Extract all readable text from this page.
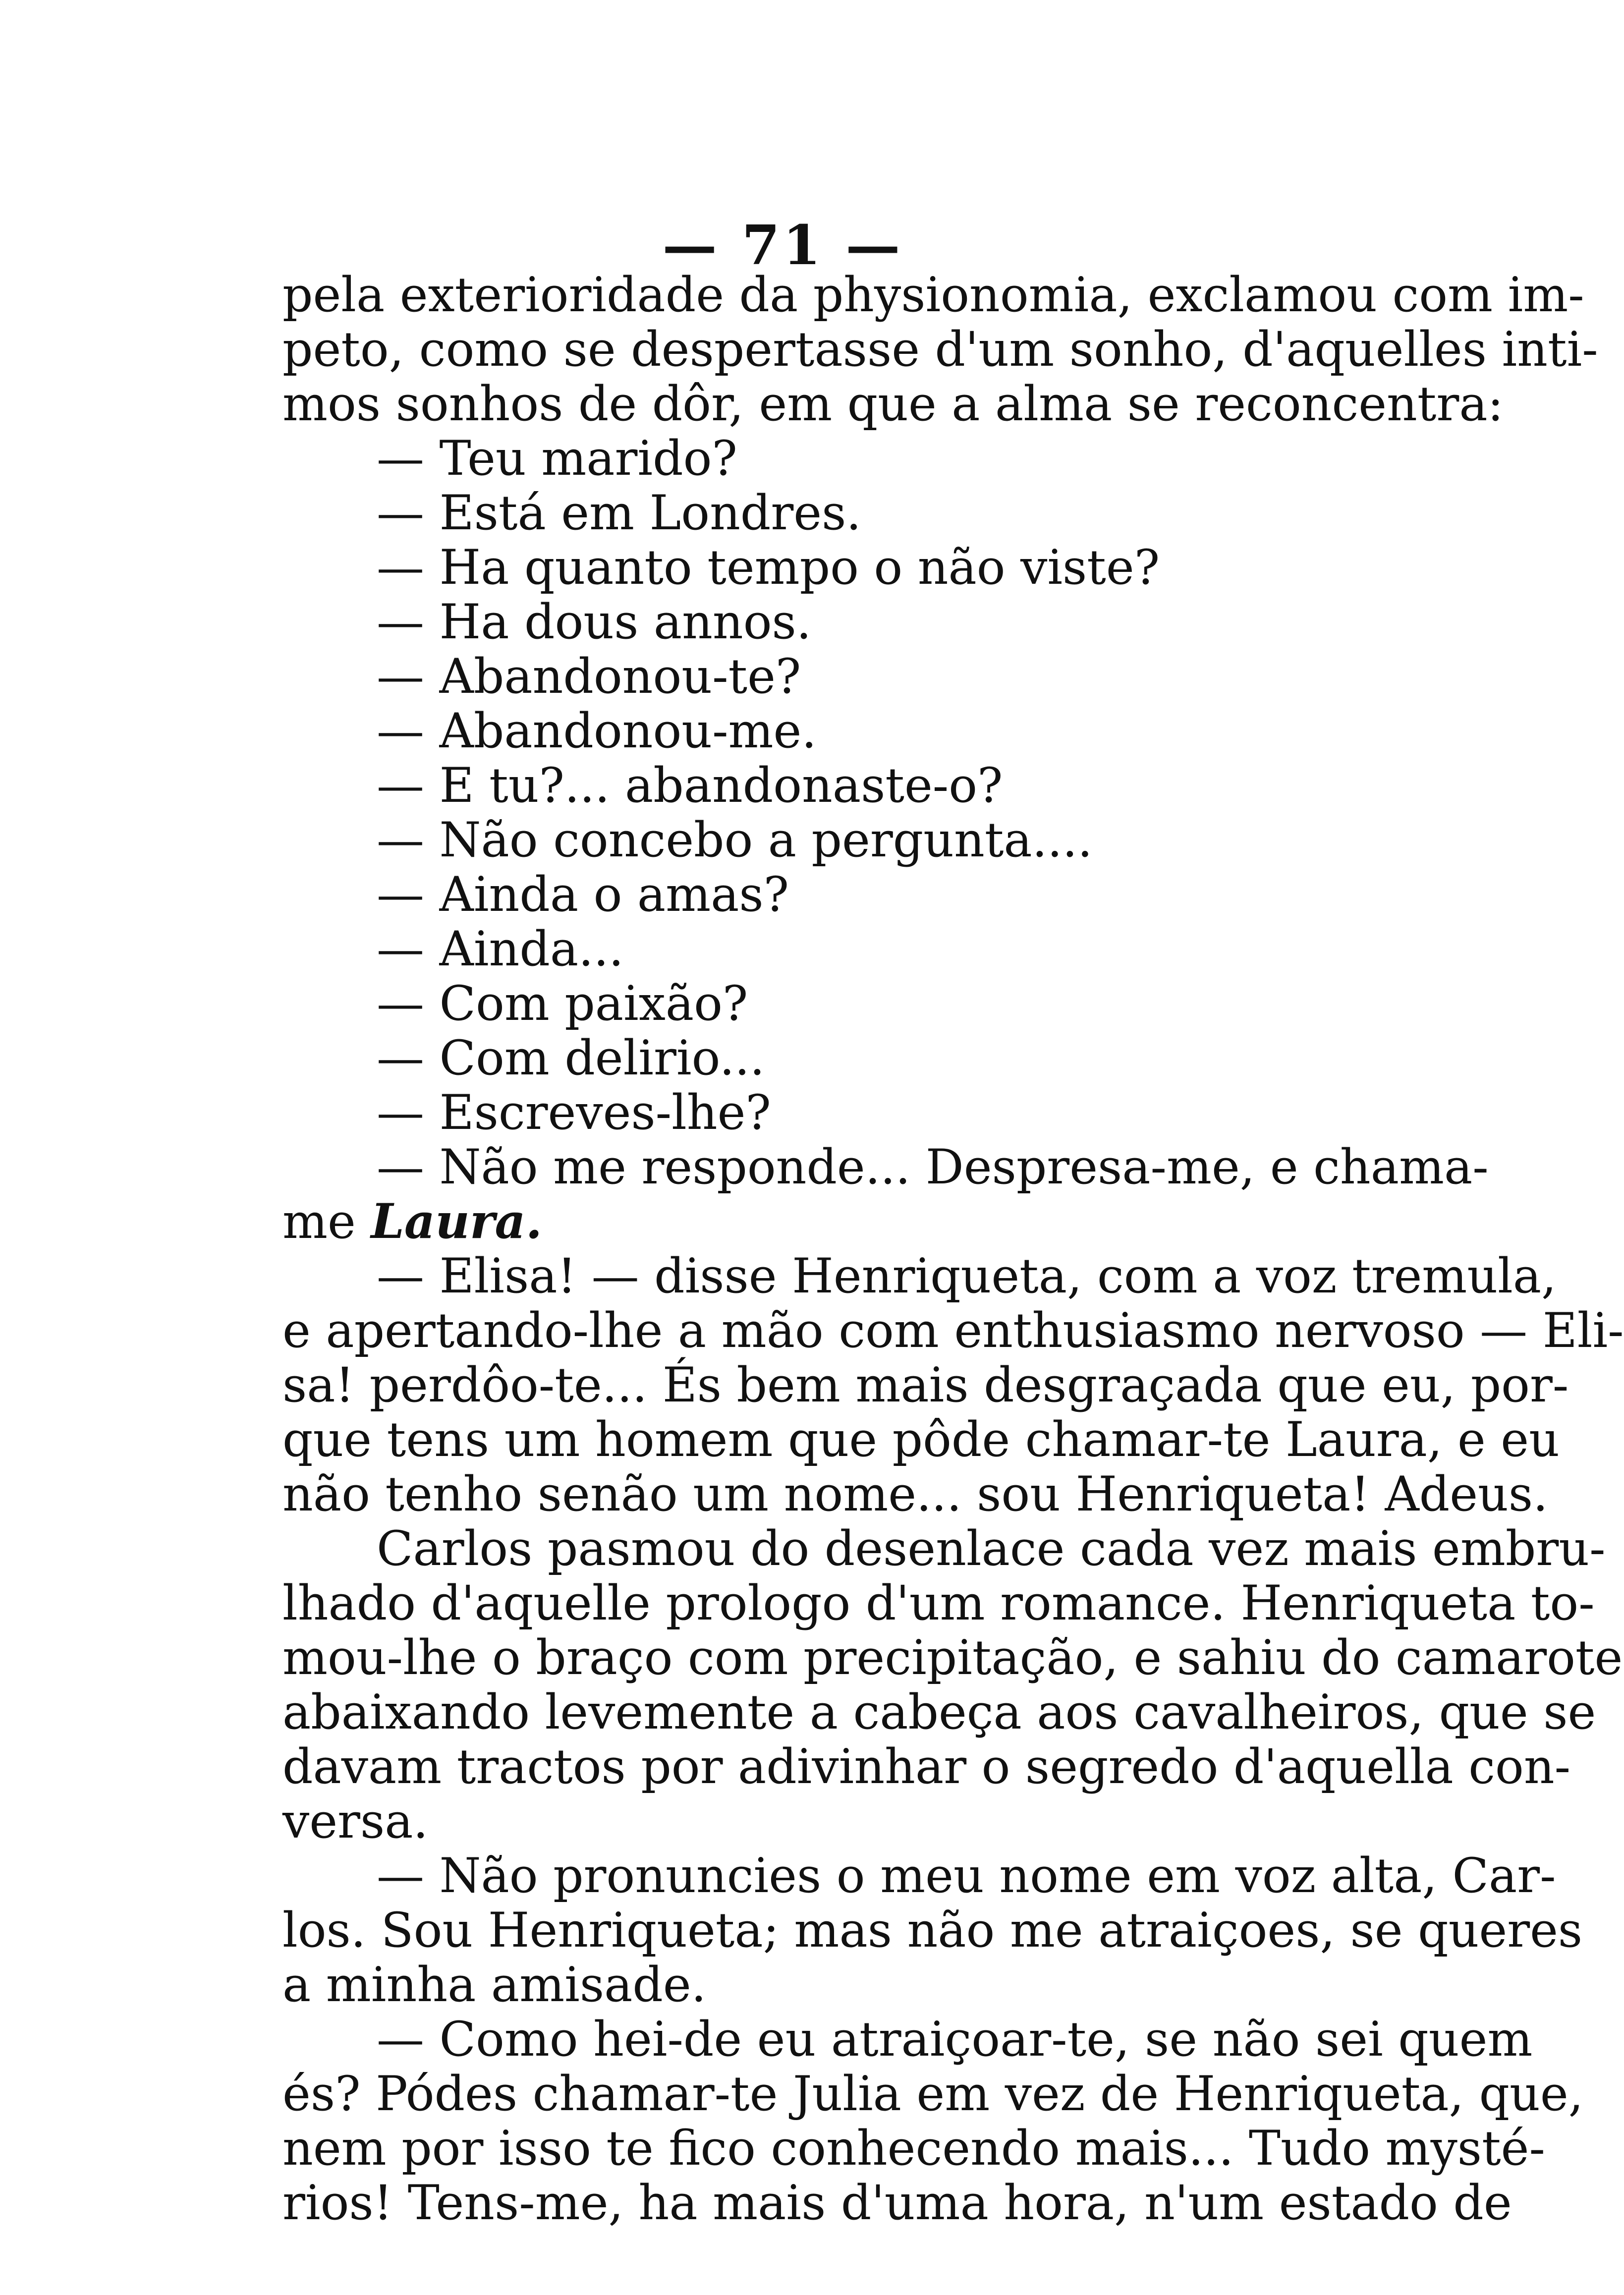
— 71 —
pela exterioridade da physionomia, exclamou com im-
peto, como se despertasse d'um sonho, d'aquelles inti-
mos sonhos de dôr, em que a alma se reconcentra:
— Teu marido?
— Está em Londres.
— Ha quanto tempo o não viste?
— Ha dous annos.
— Abandonou-te?
— Abandonou-me.
— E tu?... abandonaste-o?
— Não concebo a pergunta....
— Ainda o amas?
— Ainda...
— Com paixão?
— Com delirio...
— Escreves-lhe?
— Não me responde... Despresa-me, e chama-
me Laura.
— Elisa! — disse Henriqueta, com a voz tremula,
e apertando-lhe a mão com enthusiasmo nervoso — Eli-
sa! perdôo-te... És bem mais desgraçada que eu, por-
que tens um homem que pôde chamar-te Laura, e eu
não tenho senão um nome... sou Henriqueta! Adeus.
Carlos pasmou do desenlace cada vez mais embru-
lhado d'aquelle prologo d'um romance. Henriqueta to-
mou-lhe o braço com precipitação, e sahiu do camarote
abaixando levemente a cabeça aos cavalheiros, que se
davam tractos por adivinhar o segredo d'aquella con-
versa.
— Não pronuncies o meu nome em voz alta, Car-
los. Sou Henriqueta; mas não me atraiçoes, se queres
a minha amisade.
— Como hei-de eu atraiçoar-te, se não sei quem
és? Pódes chamar-te Julia em vez de Henriqueta, que,
nem por isso te fico conhecendo mais... Tudo mysté-
rios! Tens-me, ha mais d'uma hora, n'um estado de
